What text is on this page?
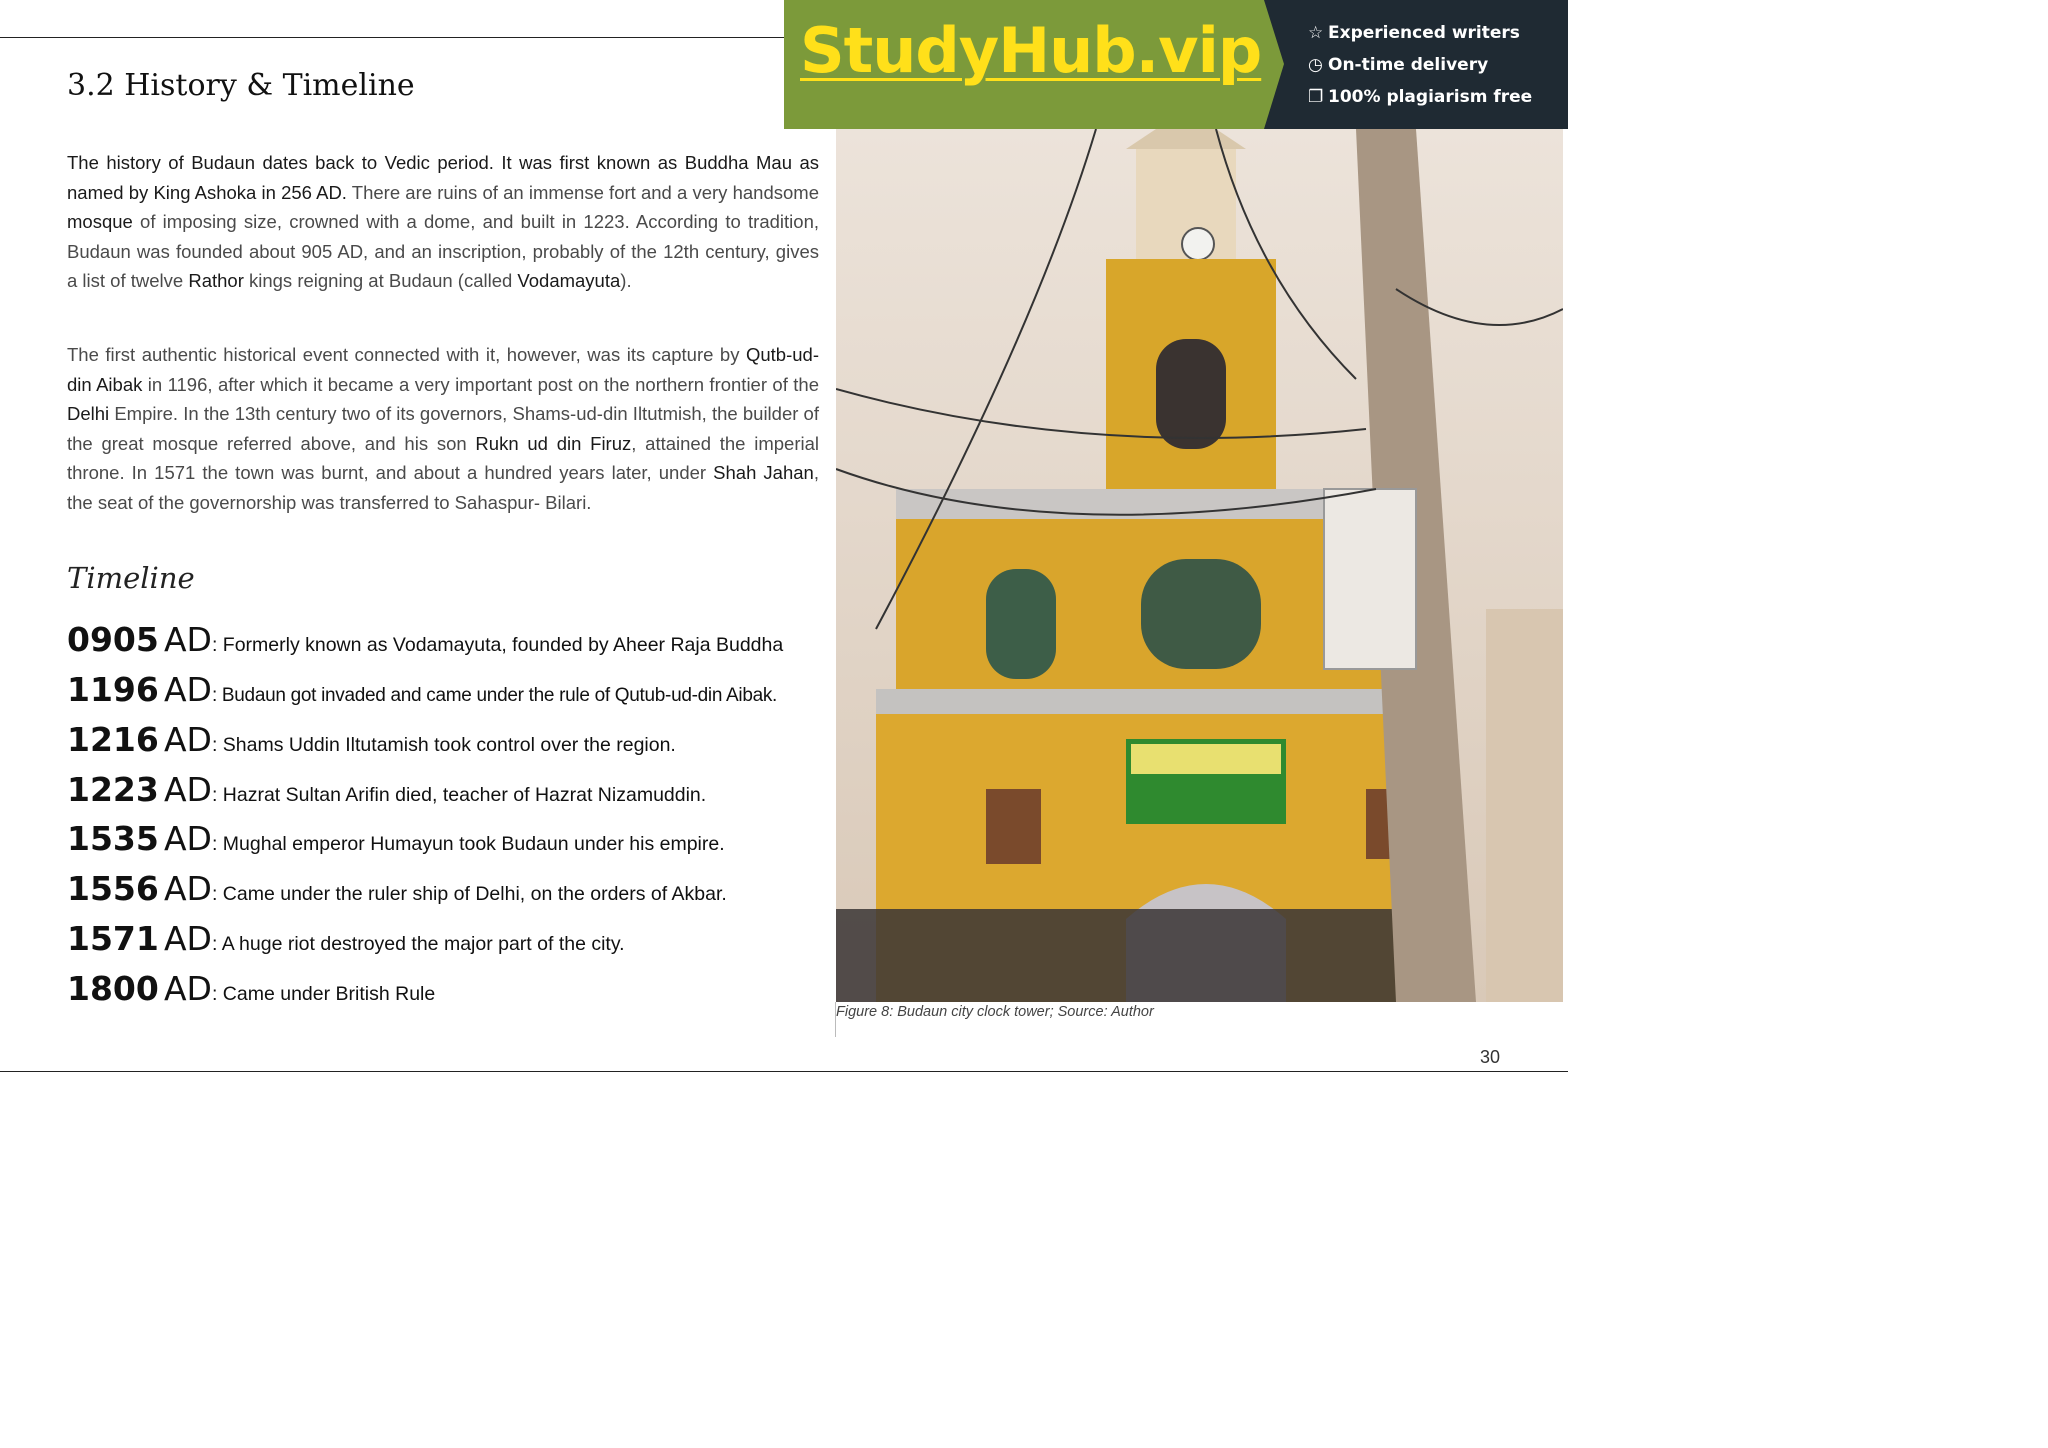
StudyHub.vip	☆ Experienced writers
◷ On-time delivery
❐ 100% plagiarism free
3.2 History & Timeline

The history of Budaun dates back to Vedic period. It was first known as Buddha Mau as named by King Ashoka in 256 AD. There are ruins of an immense fort and a very handsome mosque of imposing size, crowned with a dome, and built in 1223. According to tradition, Budaun was founded about 905 AD, and an inscription, probably of the 12th century, gives a list of twelve Rathor kings reigning at Budaun (called Vodamayuta).

The first authentic historical event connected with it, however, was its capture by Qutb-ud-din Aibak in 1196, after which it became a very important post on the northern frontier of the Delhi Empire. In the 13th century two of its governors, Shams-ud-din Iltutmish, the builder of the great mosque referred above, and his son Rukn ud din Firuz, attained the imperial throne. In 1571 the town was burnt, and about a hundred years later, under Shah Jahan, the seat of the governorship was transferred to Sahaspur- Bilari.

Timeline
0905 AD: Formerly known as Vodamayuta, founded by Aheer Raja Buddha
1196 AD: Budaun got invaded and came under the rule of Qutub-ud-din Aibak.
1216 AD: Shams Uddin Iltutamish took control over the region.
1223 AD: Hazrat Sultan Arifin died, teacher of Hazrat Nizamuddin.
1535 AD: Mughal emperor Humayun took Budaun under his empire.
1556 AD: Came under the ruler ship of Delhi, on the orders of Akbar.
1571 AD: A huge riot destroyed the major part of the city.
1800 AD: Came under British Rule
Figure 8: Budaun city clock tower; Source: Author
30
